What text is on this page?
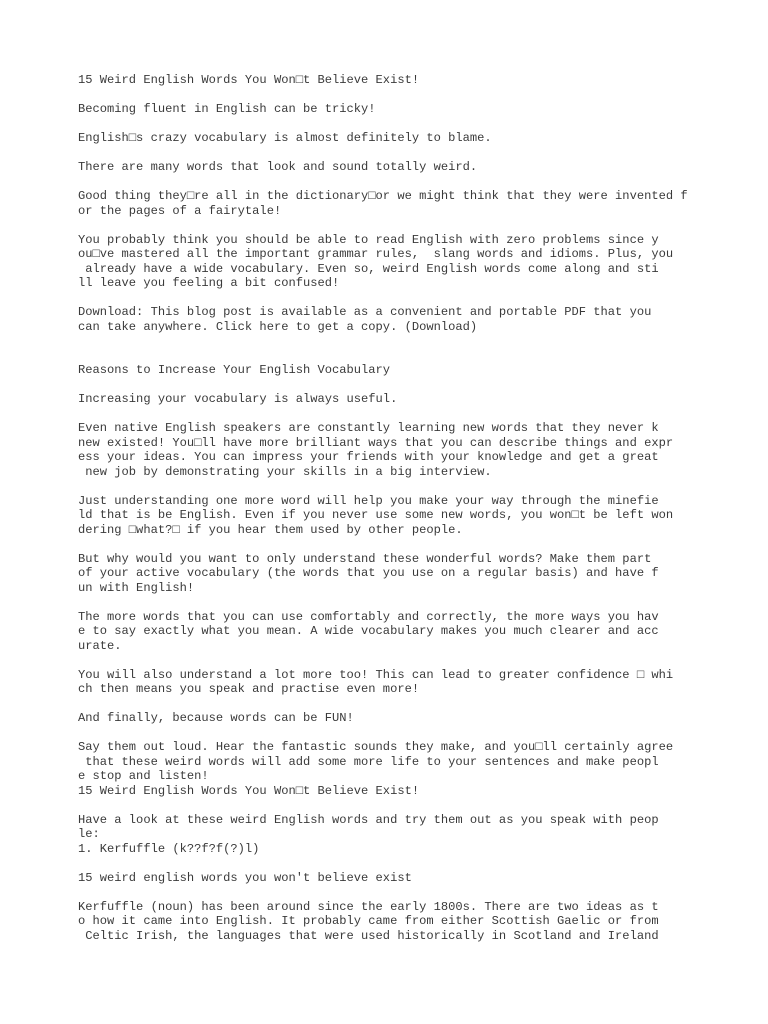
15 Weird English Words You Won□t Believe Exist!
Becoming fluent in English can be tricky!
English□s crazy vocabulary is almost definitely to blame.
There are many words that look and sound totally weird.
Good thing they□re all in the dictionary□or we might think that they were invented f
or the pages of a fairytale!
You probably think you should be able to read English with zero problems since y
ou□ve mastered all the important grammar rules,  slang words and idioms. Plus, you
already have a wide vocabulary. Even so, weird English words come along and sti
ll leave you feeling a bit confused!
Download: This blog post is available as a convenient and portable PDF that you
can take anywhere. Click here to get a copy. (Download)
Reasons to Increase Your English Vocabulary
Increasing your vocabulary is always useful.
Even native English speakers are constantly learning new words that they never k
new existed! You□ll have more brilliant ways that you can describe things and expr
ess your ideas. You can impress your friends with your knowledge and get a great
new job by demonstrating your skills in a big interview.
Just understanding one more word will help you make your way through the minefie
ld that is be English. Even if you never use some new words, you won□t be left won
dering □what?□ if you hear them used by other people.
But why would you want to only understand these wonderful words? Make them part
of your active vocabulary (the words that you use on a regular basis) and have f
un with English!
The more words that you can use comfortably and correctly, the more ways you hav
e to say exactly what you mean. A wide vocabulary makes you much clearer and acc
urate.
You will also understand a lot more too! This can lead to greater confidence □ whi
ch then means you speak and practise even more!
And finally, because words can be FUN!
Say them out loud. Hear the fantastic sounds they make, and you□ll certainly agree
that these weird words will add some more life to your sentences and make peopl
e stop and listen!
15 Weird English Words You Won□t Believe Exist!
Have a look at these weird English words and try them out as you speak with peop
le:
1. Kerfuffle (k??f?f(?)l)
15 weird english words you won't believe exist
Kerfuffle (noun) has been around since the early 1800s. There are two ideas as t
o how it came into English. It probably came from either Scottish Gaelic or from
Celtic Irish, the languages that were used historically in Scotland and Ireland
